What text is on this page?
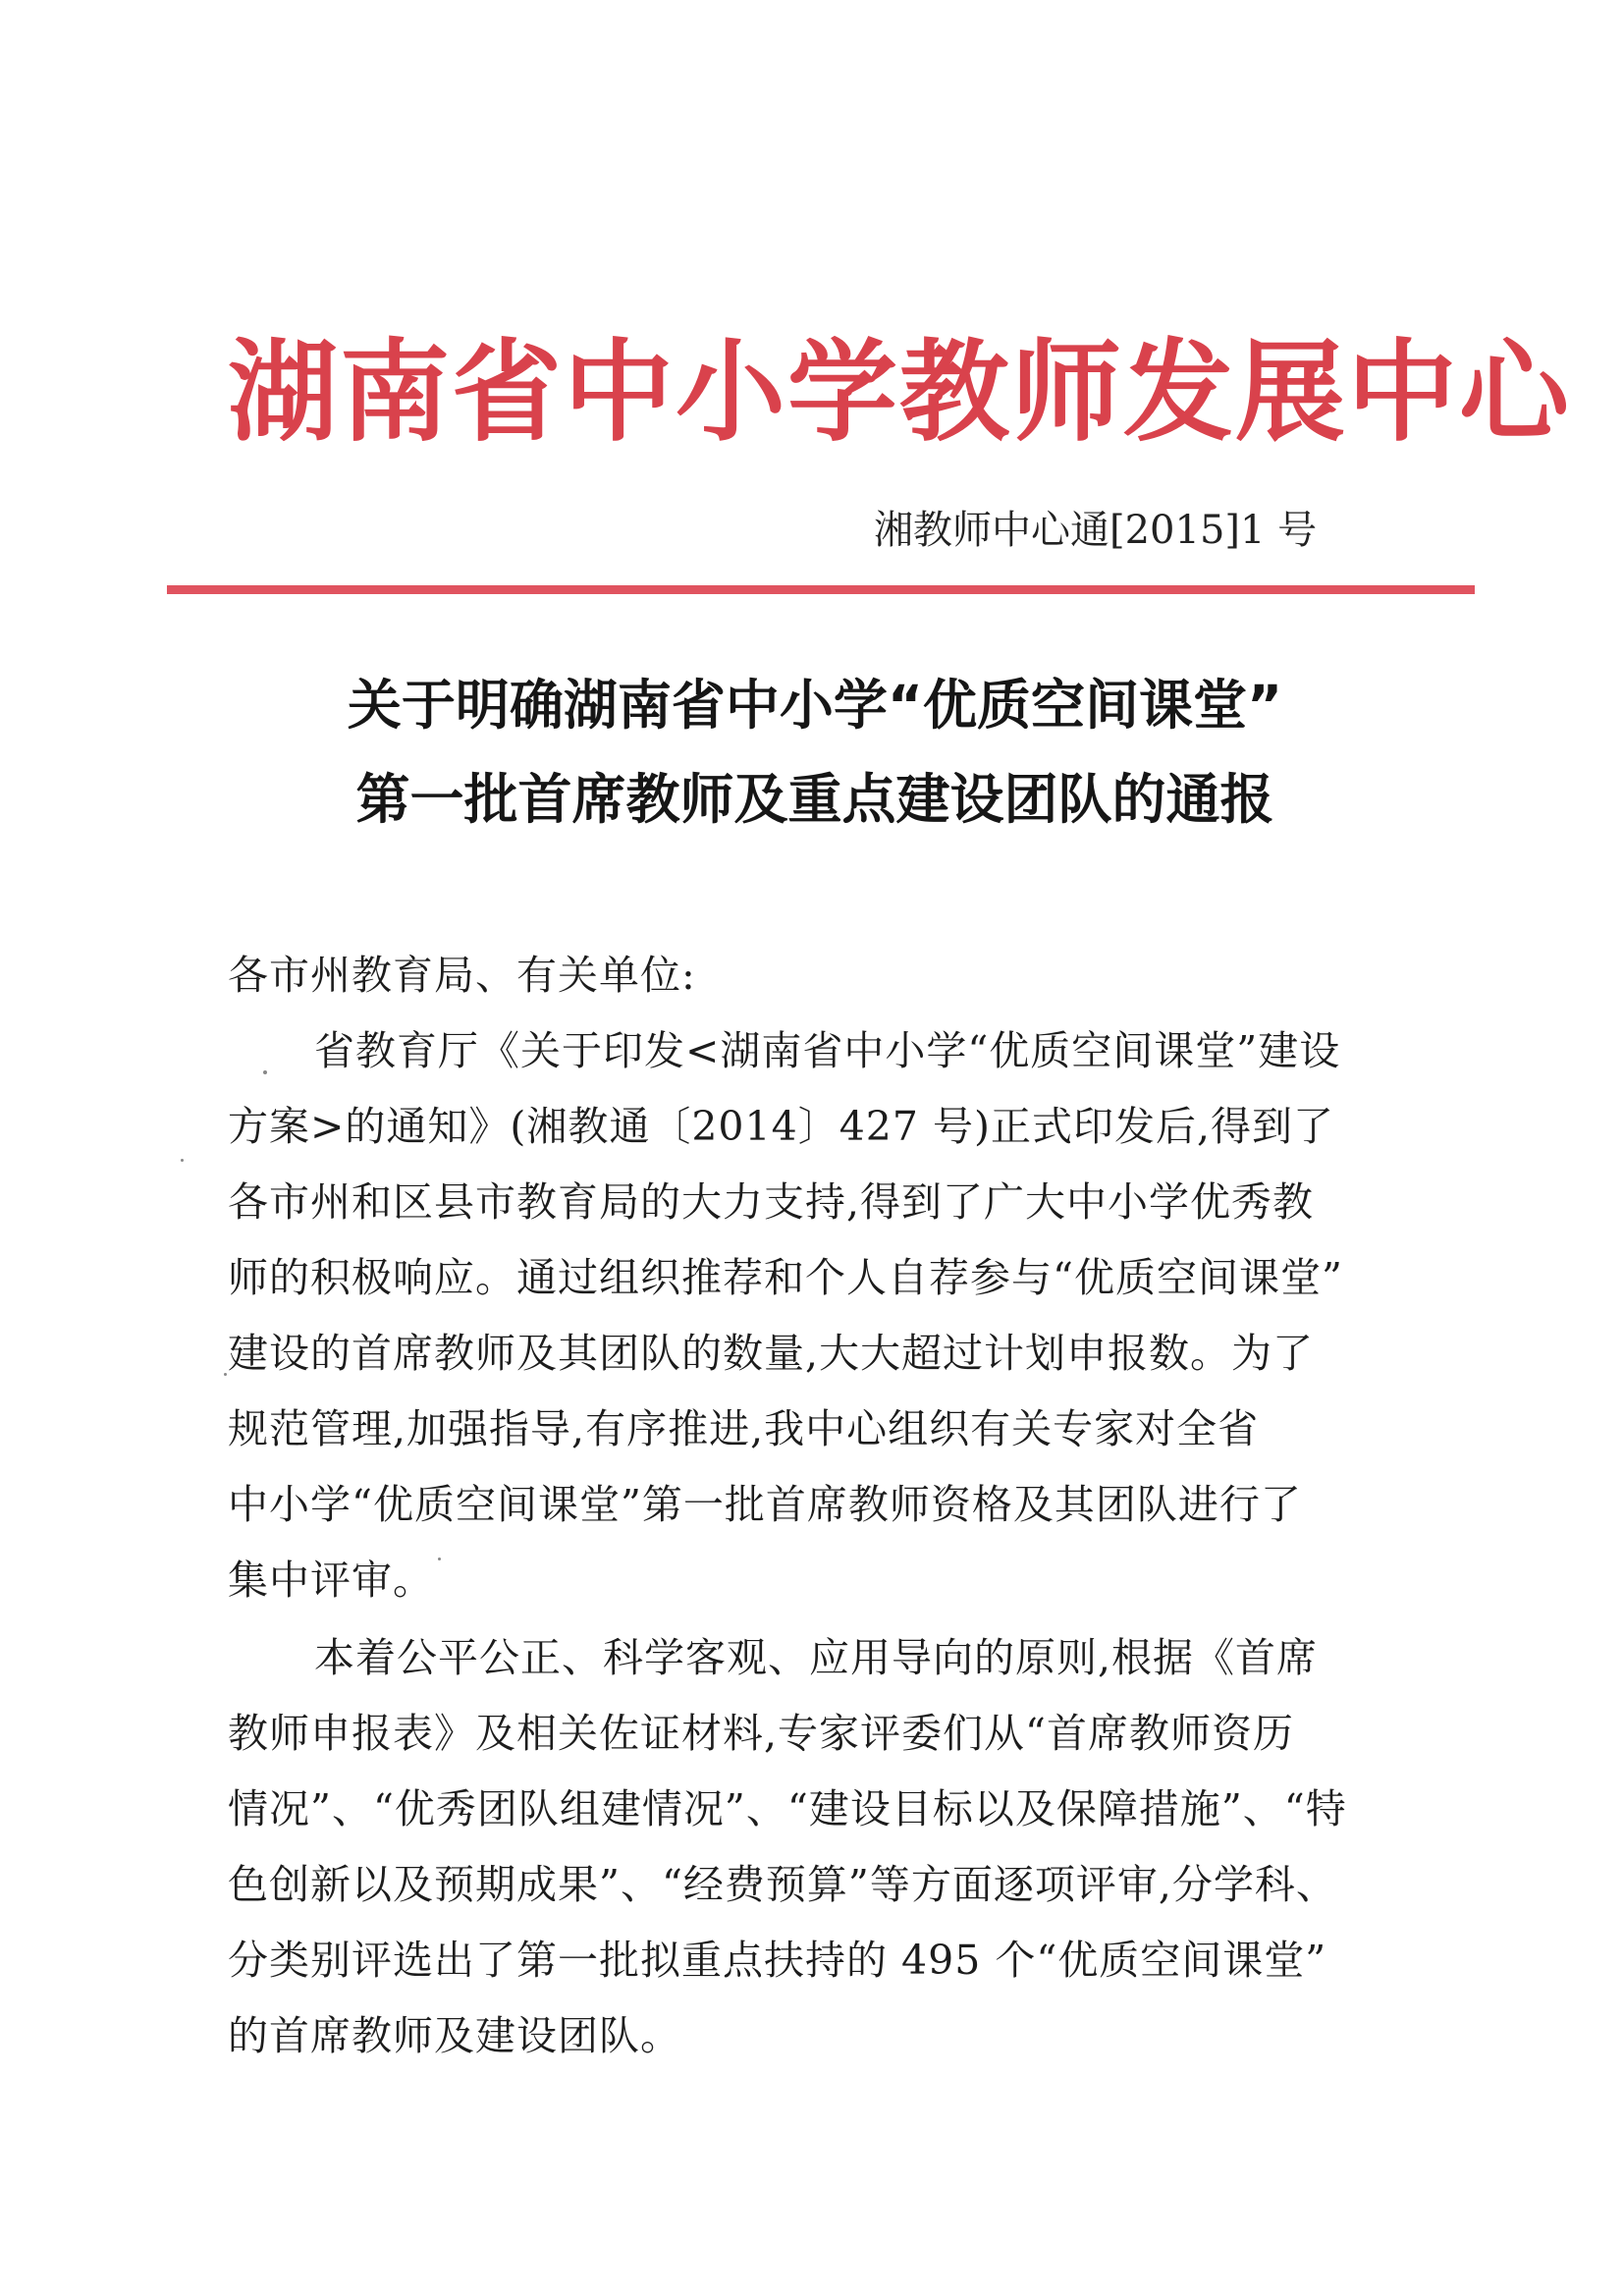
湖南省中小学教师发展中心
湘教师中心通[2015]1 号
关于明确湖南省中小学“优质空间课堂”
第一批首席教师及重点建设团队的通报
各市州教育局、有关单位:
省教育厅《关于印发<湖南省中小学“优质空间课堂”建设
方案>的通知》(湘教通〔2014〕427 号)正式印发后,得到了
各市州和区县市教育局的大力支持,得到了广大中小学优秀教
师的积极响应。通过组织推荐和个人自荐参与“优质空间课堂”
建设的首席教师及其团队的数量,大大超过计划申报数。为了
规范管理,加强指导,有序推进,我中心组织有关专家对全省
中小学“优质空间课堂”第一批首席教师资格及其团队进行了
集中评审。
本着公平公正、科学客观、应用导向的原则,根据《首席
教师申报表》及相关佐证材料,专家评委们从“首席教师资历
情况”、“优秀团队组建情况”、“建设目标以及保障措施”、“特
色创新以及预期成果”、“经费预算”等方面逐项评审,分学科、
分类别评选出了第一批拟重点扶持的 495 个“优质空间课堂”
的首席教师及建设团队。
